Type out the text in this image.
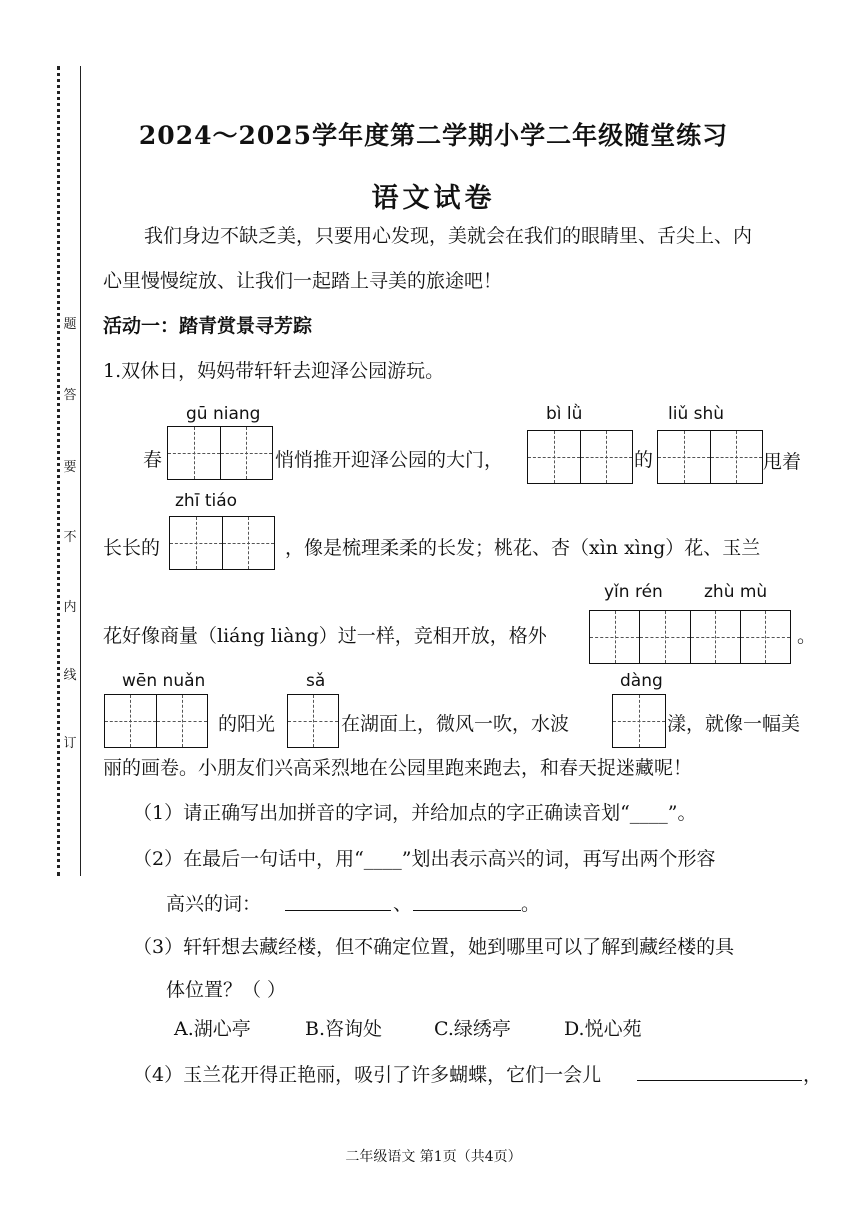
答
题
要
不
内
线
订
2024～2025学年度第二学期小学二年级随堂练习
语文试卷
我们身边不缺乏美，只要用心发现，美就会在我们的眼睛里、舌尖上、内
心里慢慢绽放、让我们一起踏上寻美的旅途吧！
活动一：踏青赏景寻芳踪
1.双休日，妈妈带轩轩去迎泽公园游玩。
gū niang	bì lǜ	liǔ shù
春	悄悄推开迎泽公园的大门，	的	甩着
zhī tiáo
长长的	，像是梳理柔柔的长发；桃花、杏（xìn xìng）花、玉兰
yǐn rén zhù mù
花好像商量（liáng liàng）过一样，竞相开放，格外	。
wēn nuǎn	sǎ	dàng
的阳光	在湖面上，微风一吹，水波	漾，就像一幅美
丽的画卷。小朋友们兴高采烈地在公园里跑来跑去，和春天捉迷藏呢！
（1）请正确写出加拼音的字词，并给加点的字正确读音划“____”。
（2）在最后一句话中，用“____”划出表示高兴的词，再写出两个形容
高兴的词：	、	。
（3）轩轩想去藏经楼，但不确定位置，她到哪里可以了解到藏经楼的具
体位置？（ ）
A.湖心亭	B.咨询处	C.绿绣亭	D.悦心苑
（4）玉兰花开得正艳丽，吸引了许多蝴蝶，它们一会儿	，
二年级语文 第1页（共4页）
